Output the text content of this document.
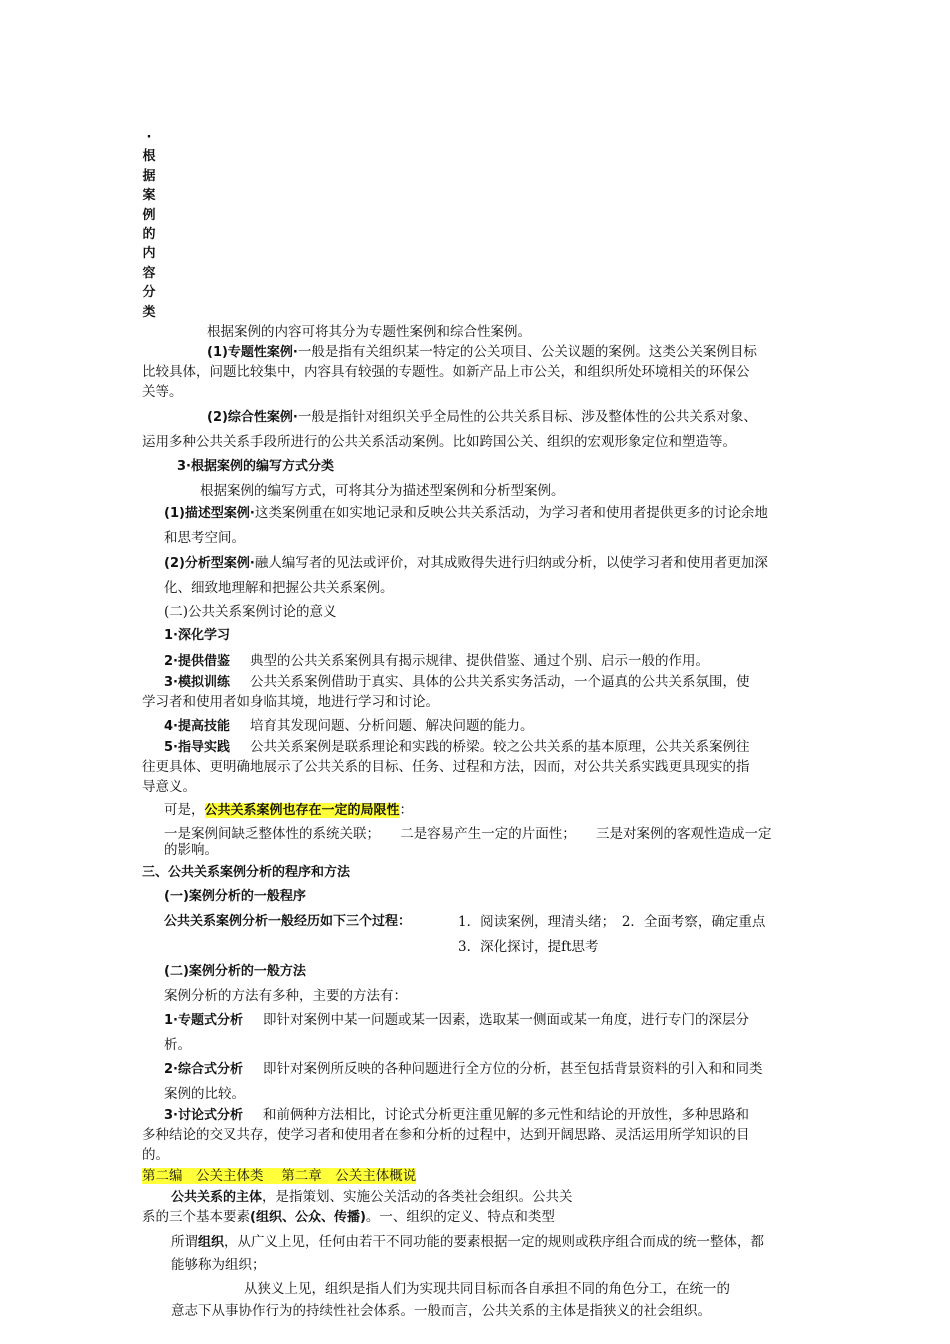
·
根
据
案
例
的
内
容
分
类
根据案例的内容可将其分为专题性案例和综合性案例。
(1)专题性案例·一般是指有关组织某一特定的公关项目、公关议题的案例。这类公关案例目标
比较具体，问题比较集中，内容具有较强的专题性。如新产品上市公关，和组织所处环境相关的环保公
关等。
(2)综合性案例·一般是指针对组织关乎全局性的公共关系目标、涉及整体性的公共关系对象、
运用多种公共关系手段所进行的公共关系活动案例。比如跨国公关、组织的宏观形象定位和塑造等。
3·根据案例的编写方式分类
根据案例的编写方式，可将其分为描述型案例和分析型案例。
(1)描述型案例·这类案例重在如实地记录和反映公共关系活动，为学习者和使用者提供更多的讨论余地
和思考空间。
(2)分析型案例·融人编写者的见法或评价，对其成败得失进行归纳或分析，以使学习者和使用者更加深
化、细致地理解和把握公共关系案例。
(二)公共关系案例讨论的意义
1·深化学习
2·提供借鉴 典型的公共关系案例具有揭示规律、提供借鉴、通过个别、启示一般的作用。
3·模拟训练 公共关系案例借助于真实、具体的公共关系实务活动，一个逼真的公共关系氛围，使
学习者和使用者如身临其境，地进行学习和讨论。
4·提高技能 培育其发现问题、分析问题、解决问题的能力。
5·指导实践 公共关系案例是联系理论和实践的桥梁。较之公共关系的基本原理，公共关系案例往
往更具体、更明确地展示了公共关系的目标、任务、过程和方法，因而，对公共关系实践更具现实的指
导意义。
可是，公共关系案例也存在一定的局限性：
一是案例间缺乏整体性的系统关联；　　二是容易产生一定的片面性；　　三是对案例的客观性造成一定
的影响。
三、公共关系案例分析的程序和方法
(一)案例分析的一般程序
公共关系案例分析一般经历如下三个过程：	1．阅读案例，理清头绪；　2．全面考察，确定重点
3．深化探讨，提ft思考
(二)案例分析的一般方法
案例分析的方法有多种，主要的方法有：
1·专题式分析 即针对案例中某一问题或某一因素，选取某一侧面或某一角度，进行专门的深层分
析。
2·综合式分析 即针对案例所反映的各种问题进行全方位的分析，甚至包括背景资料的引入和和同类
案例的比较。
3·讨论式分析 和前俩种方法相比，讨论式分析更注重见解的多元性和结论的开放性，多种思路和
多种结论的交叉共存，使学习者和使用者在参和分析的过程中，达到开阔思路、灵活运用所学知识的目
的。
第二编　公关主体类　 第二章　公关主体概说
公共关系的主体，是指策划、实施公关活动的各类社会组织。公共关
系的三个基本要素(组织、公众、传播)。一、组织的定义、特点和类型
所谓组织，从广义上见，任何由若干不同功能的要素根据一定的规则或秩序组合而成的统一整体，都
能够称为组织；
从狭义上见，组织是指人们为实现共同目标而各自承担不同的角色分工，在统一的
意志下从事协作行为的持续性社会体系。一般而言，公共关系的主体是指狭义的社会组织。
